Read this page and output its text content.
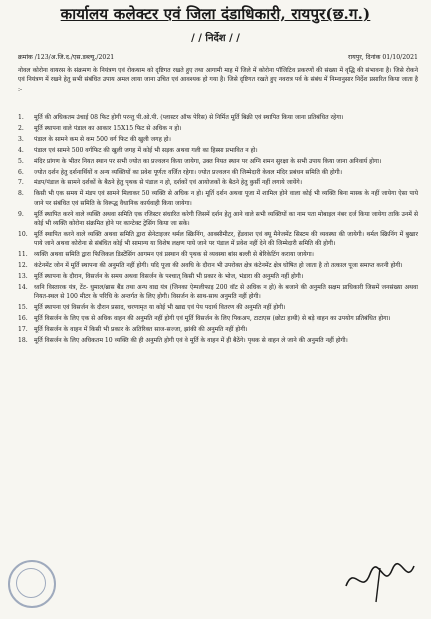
कार्यालय कलेक्टर एवं जिला दंडाधिकारी, रायपुर(छ.ग.)
/ / निर्देश / /
क्रमांक /123/अ.जि.द./एस.डब्ल्यू./2021	रायपुर, दिनांक 01/10/2021
नोवल कोरोना वायरस के संक्रमण के नियंत्रण एवं रोकथाम को दृष्टिगत रखते हुए तथा आगामी माह में जिले में कोरोना पॉजिटिव प्रकरणों की संख्या में वृद्धि की संभावना है। जिसे रोकने एवं नियंत्रण में रखने हेतु सभी संबंधित उपाय अमल लाया जाना उचित एवं आवश्यक हो गया है। जिसे दृष्टिगत रखते हुए नवरात्र पर्व के संबंध में निम्नानुसार निर्देश प्रसारित किया जाता है :-
1.	मूर्ति की अधिकतम उंचाई 08 फिट होगी परन्तु पी.ओ.पी. (प्लास्टर ऑफ पेरिस) से निर्मित मूर्ति बिक्री एवं स्थापित किया जाना प्रतिबंधित रहेगा।
2.	मूर्ति स्थापना वाले पंडाल का आकार 15X15 फिट से अधिक न हो।
3.	पंडाल के सामने कम से कम 500 वर्ग फिट की खुली जगह हो।
4.	पंडाल एवं सामने 500 वर्गफिट की खुली जगह में कोई भी सड़क अथवा गली का हिस्सा प्रभावित न हो।
5.	मंदिर प्रांगण के भीतर नियत स्थान पर सभी ज्योत का प्रज्वलन किया जायेगा, उक्त नियत स्थान पर अग्नि शमन सुरक्षा के सभी उपाय किया जाना अनिवार्य होगा।
6.	ज्योत दर्शन हेतु दर्शनार्थियों व अन्य व्यक्तियों का प्रवेश पूर्णतः वर्जित रहेगा। ज्योत प्रज्वलन की जिम्मेदारी केवल मंदिर प्रबंधन समिति की होगी।
7.	मंडप/पंडाल के सामने दर्शकों के बैठने हेतु पृथक से पंडाल न हो, दर्शकों एवं आयोजकों के बैठने हेतु कुर्सी नहीं लगाये जायेंगे।
8.	किसी भी एक समय में मंडप एवं सामने मिलाकर 50 व्यक्ति से अधिक न हो। मूर्ति दर्शन अथवा पूजा में शामिल होने वाला कोई भी व्यक्ति बिना मास्क के नहीं जायेगा ऐसा पाये जाने पर संबंधित एवं समिति के विरूद्ध वैधानिक कार्यवाही किया जायेगा।
9.	मूर्ति स्थापित करने वाले व्यक्ति अथवा समिति एक रजिस्टर संधारित करेगी जिसमें दर्शन हेतु आने वाले सभी व्यक्तियों का नाम पता मोबाइल नंबर दर्ज किया जायेगा ताकि उनमें से कोई भी व्यक्ति कोरोना संक्रमित होने पर कान्टेक्ट ट्रेसिंग किया जा सके।
10.	मूर्ति स्थापित करने वाले व्यक्ति अथवा समिति द्वारा सेनेटाइजर थर्मल स्क्रिनिंग, आक्सीमीटर, हेंडवाश एवं क्यू मैनेजमेंट सिस्टम की व्यवस्था की जायेगी। थर्मल स्क्रिनिंग में बुखार पाये जाने अथवा कोरोना से संबंधित कोई भी सामान्य या विशेष लक्षण पाये जाने पर पंडाल में प्रवेश नहीं देने की जिम्मेदारी समिति की होगी।
11.	व्यक्ति अथवा समिति द्वारा फिजिकल डिस्टेंसिंग आगमन एवं प्रस्थान की पृथक से व्यवस्था बांस बल्ली से बेरिकेटिंग कराया जायेगा।
12.	कंटेनमेंट जोन में मूर्ति स्थापना की अनुमति नहीं होगी। यदि पूजा की अवधि के दौरान भी उपरोक्त क्षेत्र कंटेनमेंट क्षेत्र घोषित हो जाता है तो तत्काल पूजा समाप्त करनी होगी।
13.	मूर्ति स्थापना के दौरान, विसर्जन के समय अथवा विसर्जन के पश्चात् किसी भी प्रकार के भोज, भंडारा की अनुमति नहीं होगी।
14.	ध्वनि विस्तारक यंत्र, टेंट- धुमाल/ब्रास बैंड तथा अन्य वाद्य यंत्र (जिनका ऐम्पलीफाइ 200 वॉट से अधिक न हो) के बजाने की अनुमति सक्षम प्राधिकारी जिसमें जनसंख्या अथवा नियत-स्थल से 100 मीटर के परिधि के अन्तर्गत के लिए होगी। विसर्जन के साथ-साथ अनुमति नहीं होगी।
15.	मूर्ति स्थापना एवं विसर्जन के दौरान प्रसाद, चरणामृत या कोई भी खाद्य एवं पेय पदार्थ वितरण की अनुमति नहीं होगी।
16.	मूर्ति विसर्जन के लिए एक से अधिक वाहन की अनुमति नहीं होगी एवं मूर्ति विसर्जन के लिए पिकअप, टाटाएस (छोटा हाथी) से बड़े वाहन का उपयोग प्रतिबंधित होगा।
17.	मूर्ति विसर्जन के वाहन में किसी भी प्रकार के अतिरिक्त साज-सज्जा, झांकी की अनुमति नहीं होगी।
18.	मूर्ति विसर्जन के लिए अधिकतम 10 व्यक्ति की ही अनुमति होगी एवं वे मूर्ति के वाहन में ही बैठेंगे। पृथक से वाहन ले जाने की अनुमति नहीं होगी।
